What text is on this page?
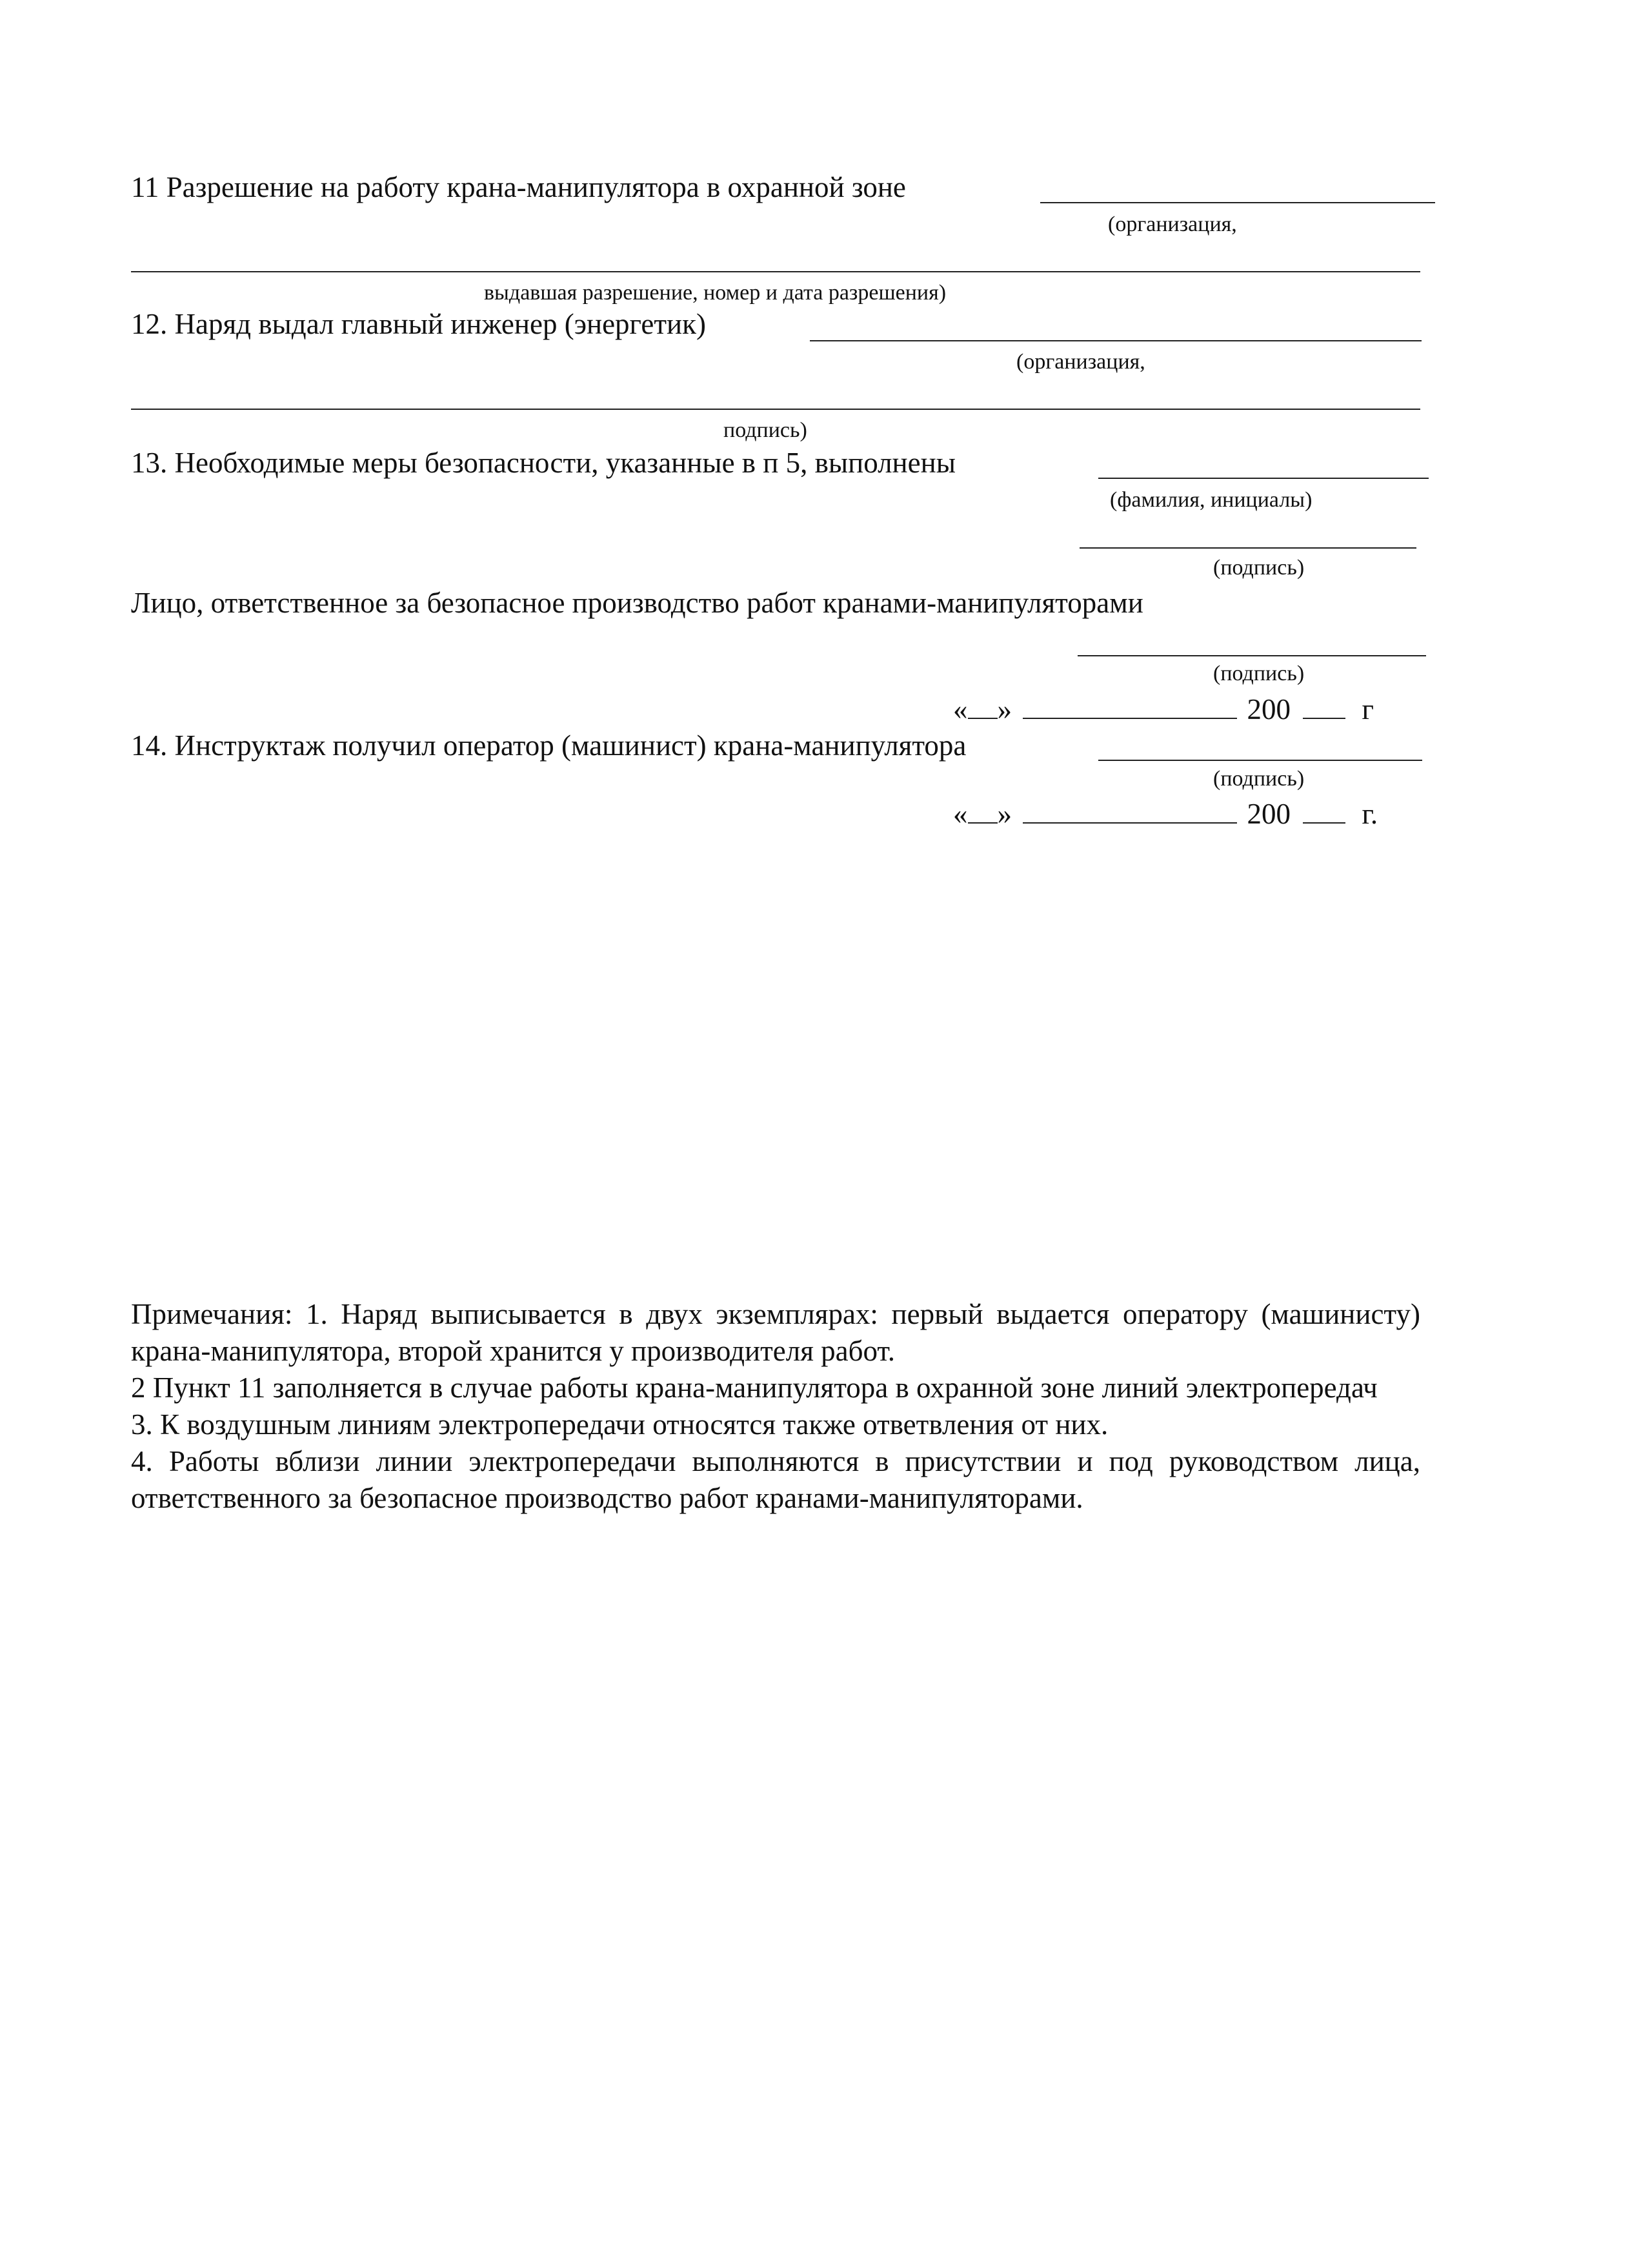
11 Разрешение на работу крана-манипулятора в охранной зоне
(организация,
выдавшая разрешение, номер и дата разрешения)
12. Наряд выдал главный инженер (энергетик)
(организация,
подпись)
13. Необходимые меры безопасности, указанные в п 5, выполнены
(фамилия, инициалы)
(подпись)
Лицо, ответственное за безопасное производство работ кранами-манипуляторами
(подпись)
« »	200 г
14. Инструктаж получил оператор (машинист) крана-манипулятора
(подпись)
« »	200 г.

Примечания: 1. Наряд выписывается в двух экземплярах: первый выдается оператору (машинисту) крана-манипулятора, второй хранится у производителя работ.

2 Пункт 11 заполняется в случае работы крана-манипулятора в охранной зоне линий электропередач

3. К воздушным линиям электропередачи относятся также ответвления от них.

4. Работы вблизи линии электропередачи выполняются в присутствии и под руководством лица, ответственного за безопасное производство работ кранами-манипуляторами.
